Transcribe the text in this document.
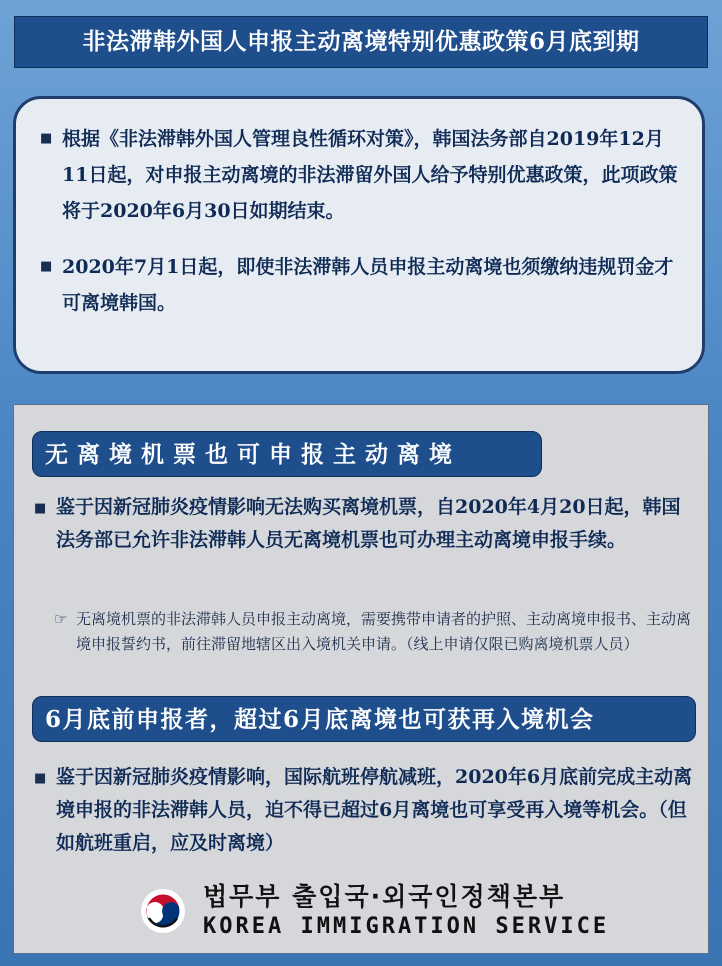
非法滞韩外国人申报主动离境特别优惠政策6月底到期
■ 根据《非法滞韩外国人管理良性循环对策》，韩国法务部自2019年12月11日起，对申报主动离境的非法滞留外国人给予特别优惠政策，此项政策将于2020年6月30日如期结束。
■ 2020年7月1日起，即使非法滞韩人员申报主动离境也须缴纳违规罚金才可离境韩国。
无离境机票也可申报主动离境
■ 鉴于因新冠肺炎疫情影响无法购买离境机票，自2020年4月20日起，韩国法务部已允许非法滞韩人员无离境机票也可办理主动离境申报手续。
☞ 无离境机票的非法滞韩人员申报主动离境，需要携带申请者的护照、主动离境申报书、主动离境申报誓约书，前往滞留地辖区出入境机关申请。（线上申请仅限已购离境机票人员）
6月底前申报者，超过6月底离境也可获再入境机会
■ 鉴于因新冠肺炎疫情影响，国际航班停航减班，2020年6月底前完成主动离境申报的非法滞韩人员，迫不得已超过6月离境也可享受再入境等机会。（但如航班重启，应及时离境）
법무부 출입국·외국인정책본부
KOREA IMMIGRATION SERVICE
